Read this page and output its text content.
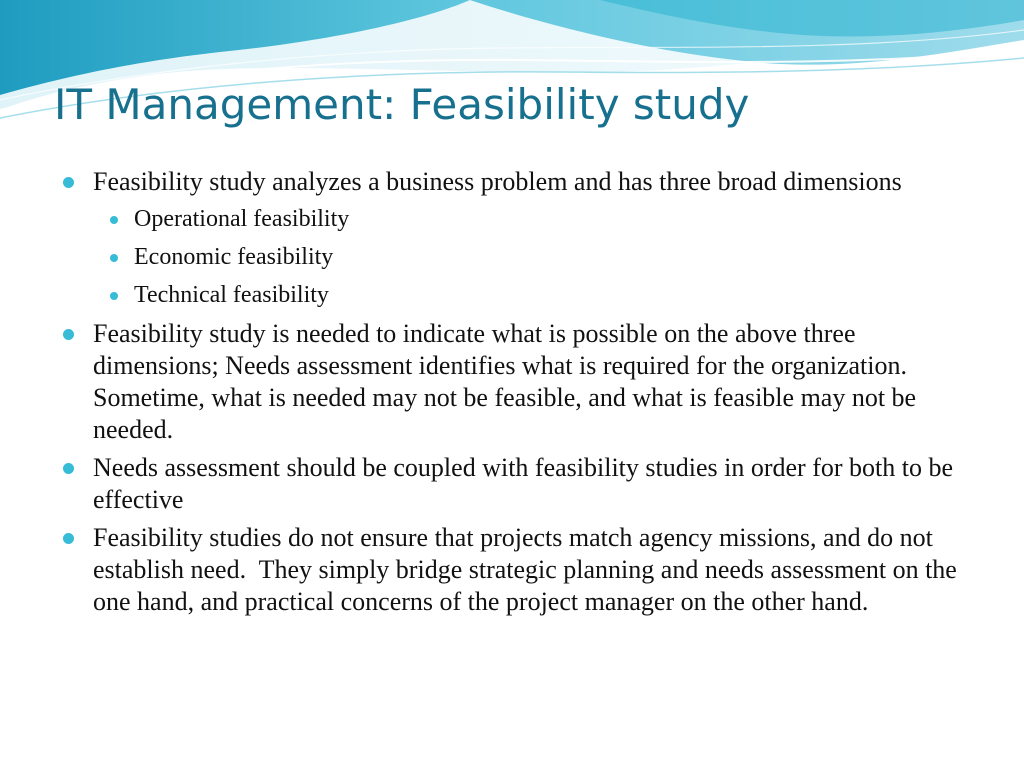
IT Management: Feasibility study
Feasibility study analyzes a business problem and has three broad dimensions
Operational feasibility
Economic feasibility
Technical feasibility
Feasibility study is needed to indicate what is possible on the above three dimensions; Needs assessment identifies what is required for the organization. Sometime, what is needed may not be feasible, and what is feasible may not be needed.
Needs assessment should be coupled with feasibility studies in order for both to be effective
Feasibility studies do not ensure that projects match agency missions, and do not establish need.  They simply bridge strategic planning and needs assessment on the one hand, and practical concerns of the project manager on the other hand.
